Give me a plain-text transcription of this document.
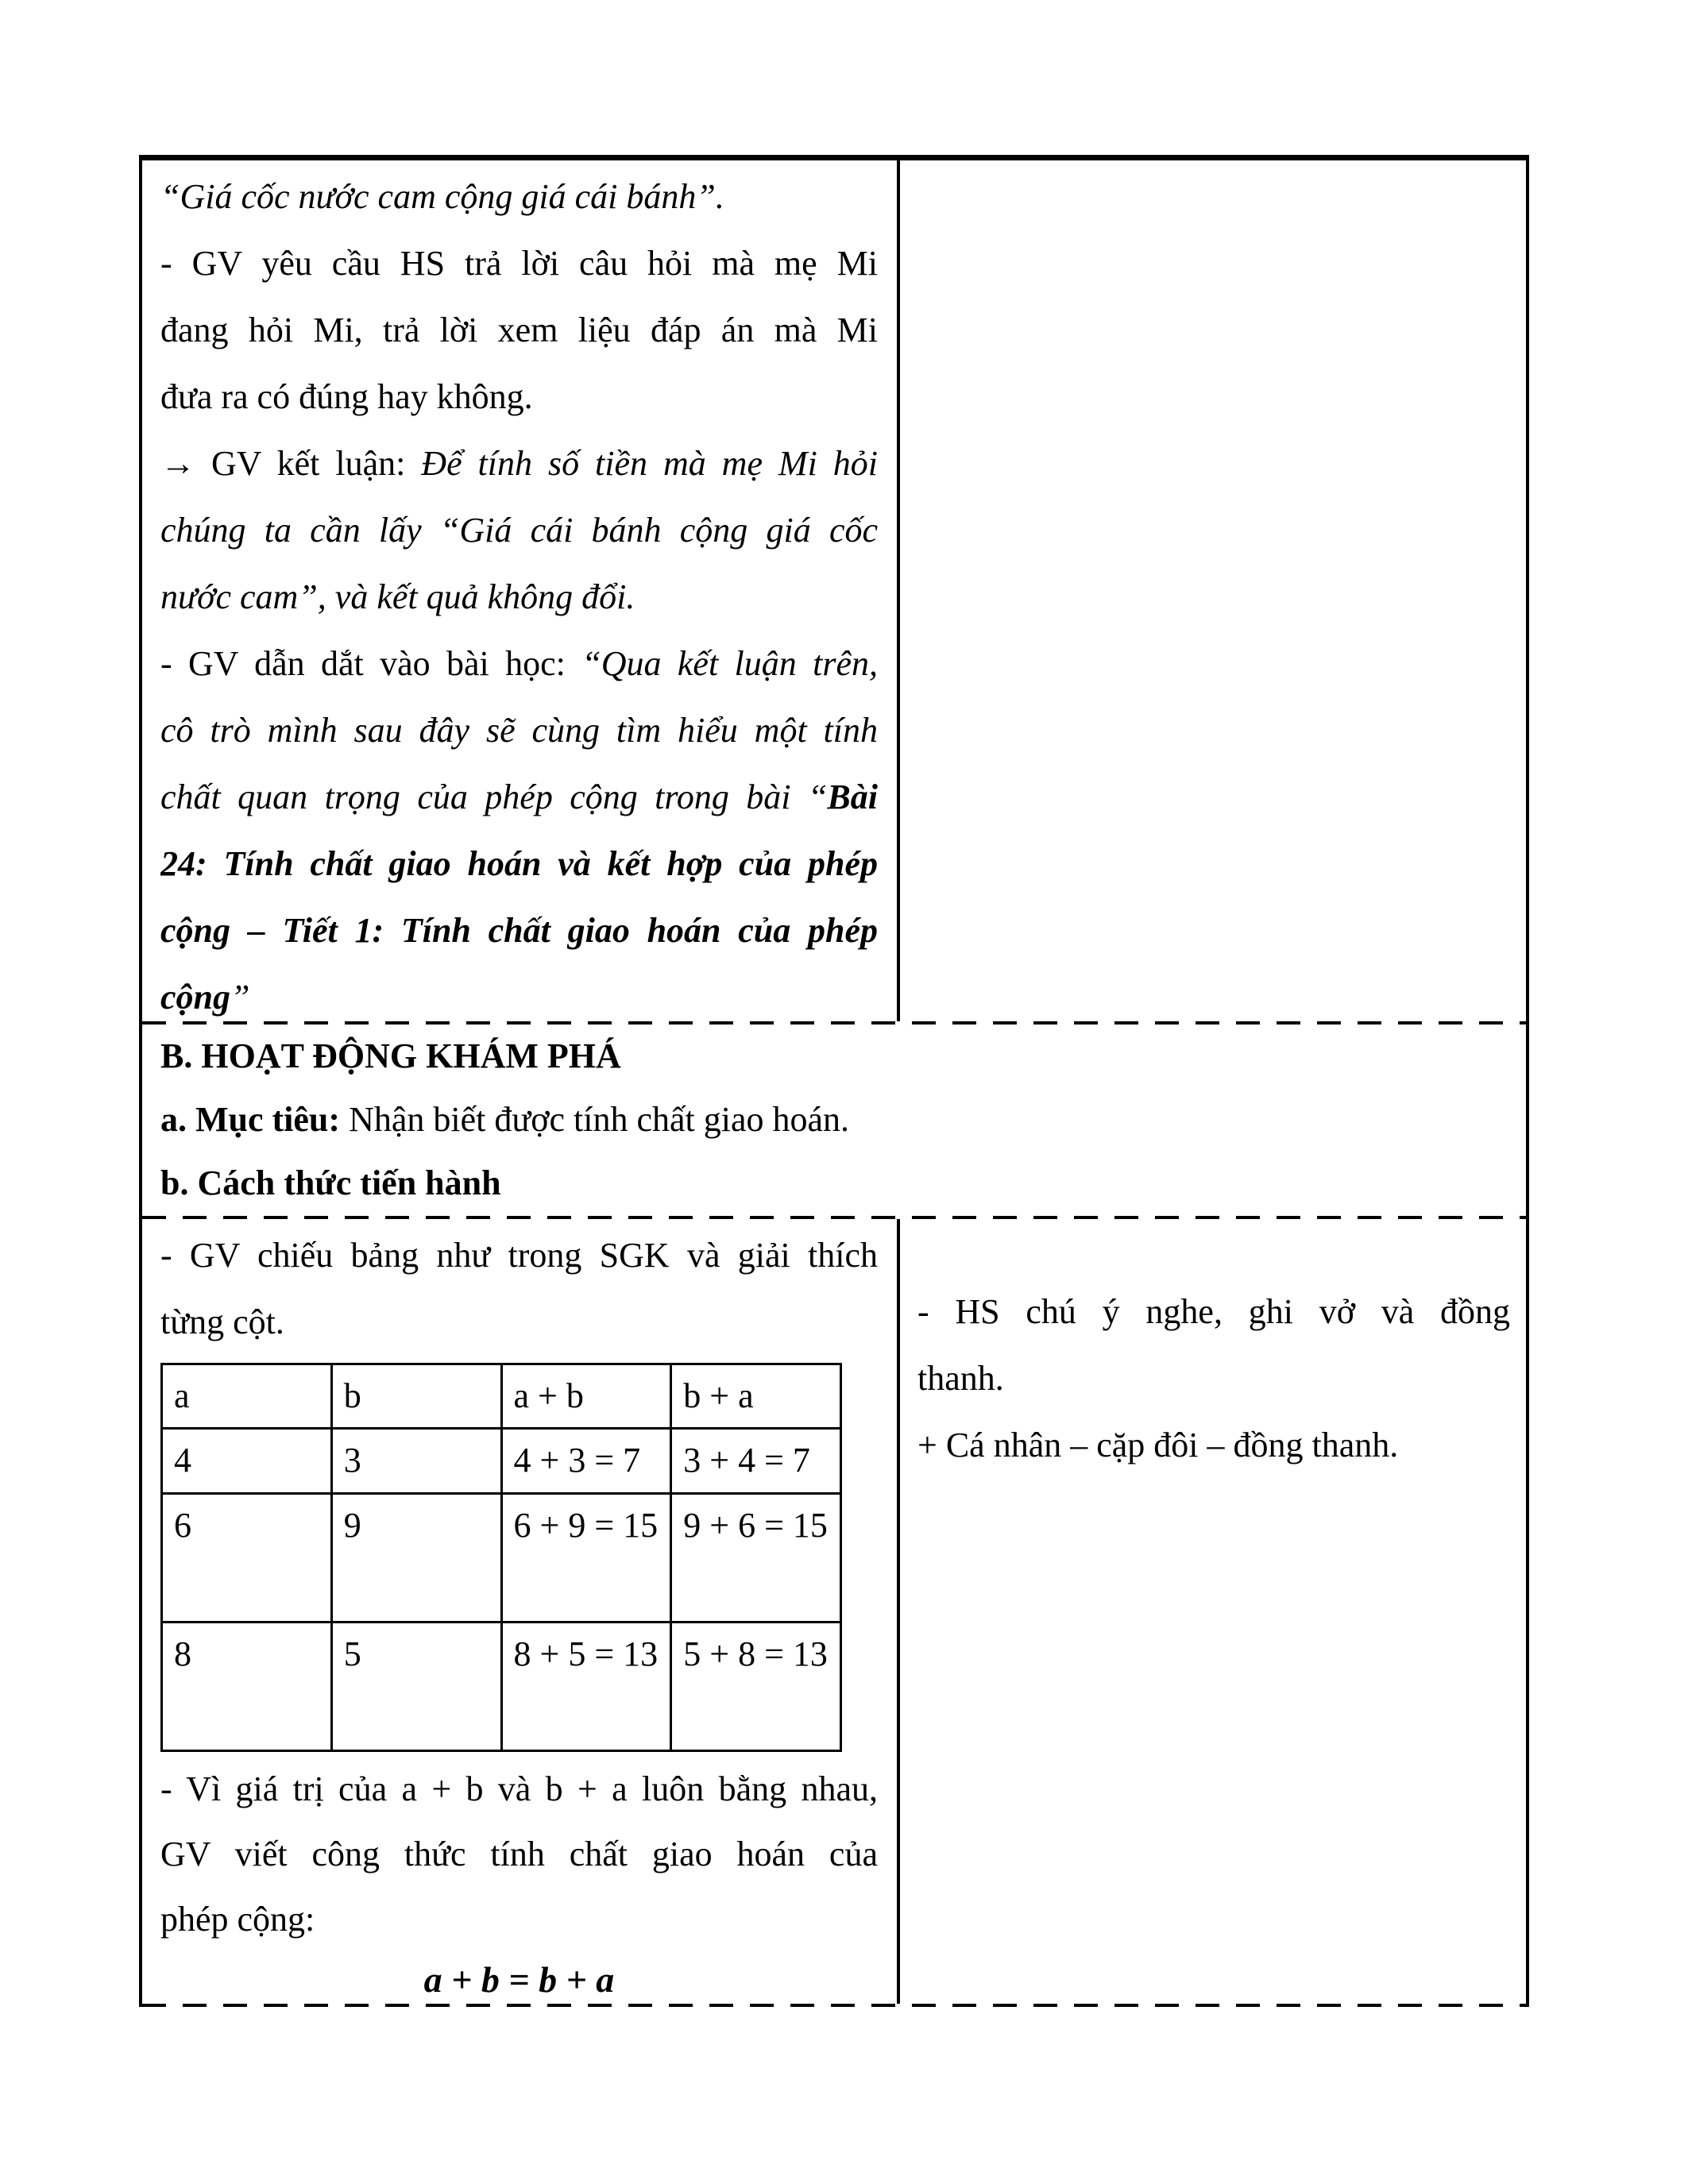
“Giá cốc nước cam cộng giá cái bánh”.
- GV yêu cầu HS trả lời câu hỏi mà mẹ Mi
đang hỏi Mi, trả lời xem liệu đáp án mà Mi
đưa ra có đúng hay không.
→ GV kết luận: Để tính số tiền mà mẹ Mi hỏi
chúng ta cần lấy “Giá cái bánh cộng giá cốc
nước cam”, và kết quả không đổi.
- GV dẫn dắt vào bài học: “Qua kết luận trên,
cô trò mình sau đây sẽ cùng tìm hiểu một tính
chất quan trọng của phép cộng trong bài “Bài
24: Tính chất giao hoán và kết hợp của phép
cộng – Tiết 1: Tính chất giao hoán của phép
cộng”
B. HOẠT ĐỘNG KHÁM PHÁ
a. Mục tiêu: Nhận biết được tính chất giao hoán.
b. Cách thức tiến hành
- GV chiếu bảng như trong SGK và giải thích
từng cột.
a	b	a + b	b + a
4	3	4 + 3 = 7	3 + 4 = 7
6	9	6 + 9 = 15	9 + 6 = 15
8	5	8 + 5 = 13	5 + 8 = 13
- Vì giá trị của a + b và b + a luôn bằng nhau,
GV viết công thức tính chất giao hoán của
phép cộng:
a + b = b + a
- HS chú ý nghe, ghi vở và đồng
thanh.
+ Cá nhân – cặp đôi – đồng thanh.
